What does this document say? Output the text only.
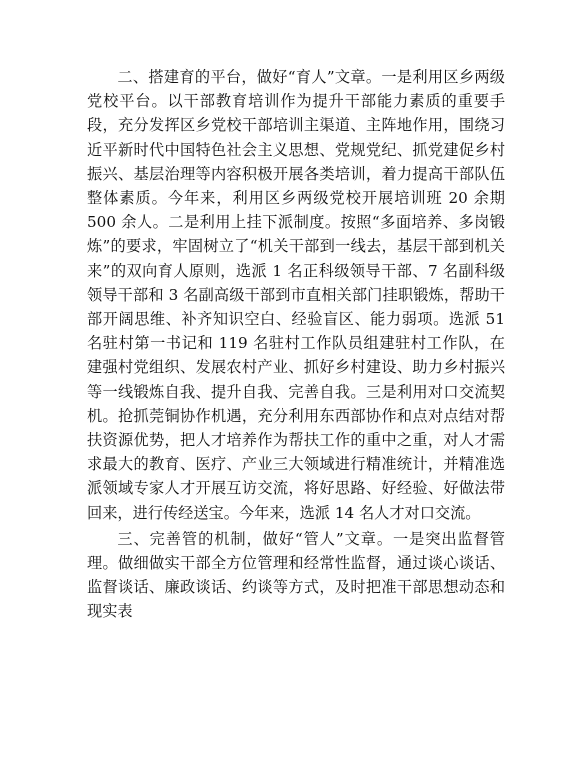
二、搭建育的平台，做好“育人”文章。一是利用区乡两级党校平台。以干部教育培训作为提升干部能力素质的重要手段，充分发挥区乡党校干部培训主渠道、主阵地作用，围绕习近平新时代中国特色社会主义思想、党规党纪、抓党建促乡村振兴、基层治理等内容积极开展各类培训，着力提高干部队伍整体素质。今年来，利用区乡两级党校开展培训班 20 余期 500 余人。二是利用上挂下派制度。按照“多面培养、多岗锻炼”的要求，牢固树立了“机关干部到一线去，基层干部到机关来”的双向育人原则，选派 1 名正科级领导干部、7 名副科级领导干部和 3 名副高级干部到市直相关部门挂职锻炼，帮助干部开阔思维、补齐知识空白、经验盲区、能力弱项。选派 51 名驻村第一书记和 119 名驻村工作队员组建驻村工作队，在建强村党组织、发展农村产业、抓好乡村建设、助力乡村振兴等一线锻炼自我、提升自我、完善自我。三是利用对口交流契机。抢抓莞铜协作机遇，充分利用东西部协作和点对点结对帮扶资源优势，把人才培养作为帮扶工作的重中之重，对人才需求最大的教育、医疗、产业三大领域进行精准统计，并精准选派领域专家人才开展互访交流，将好思路、好经验、好做法带回来，进行传经送宝。今年来，选派 14 名人才对口交流。

三、完善管的机制，做好“管人”文章。一是突出监督管理。做细做实干部全方位管理和经常性监督，通过谈心谈话、监督谈话、廉政谈话、约谈等方式，及时把准干部思想动态和现实表
